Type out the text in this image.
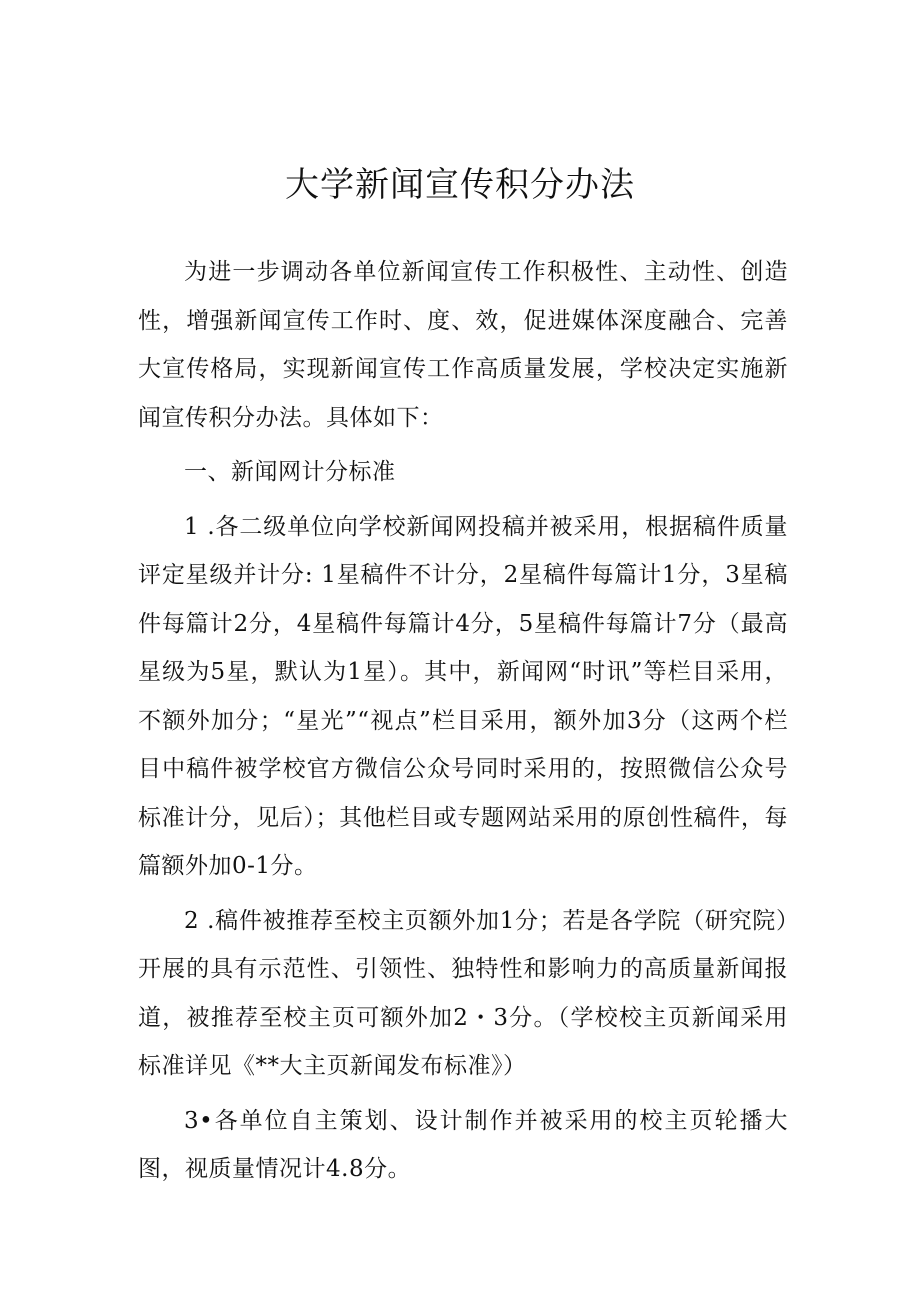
大学新闻宣传积分办法

为进一步调动各单位新闻宣传工作积极性、主动性、创造性，增强新闻宣传工作时、度、效，促进媒体深度融合、完善大宣传格局，实现新闻宣传工作高质量发展，学校决定实施新闻宣传积分办法。具体如下：

一、新闻网计分标准

1 .各二级单位向学校新闻网投稿并被采用，根据稿件质量评定星级并计分: 1星稿件不计分，2星稿件每篇计1分，3星稿件每篇计2分，4星稿件每篇计4分，5星稿件每篇计7分（最高星级为5星，默认为1星）。其中，新闻网“时讯”等栏目采用，不额外加分；“星光”“视点”栏目采用，额外加3分（这两个栏目中稿件被学校官方微信公众号同时采用的，按照微信公众号标准计分，见后）；其他栏目或专题网站采用的原创性稿件，每篇额外加0-1分。

2 .稿件被推荐至校主页额外加1分；若是各学院（研究院）开展的具有示范性、引领性、独特性和影响力的高质量新闻报道，被推荐至校主页可额外加2・3分。（学校校主页新闻采用标准详见《**大主页新闻发布标准》）

3•各单位自主策划、设计制作并被采用的校主页轮播大图，视质量情况计4.8分。
